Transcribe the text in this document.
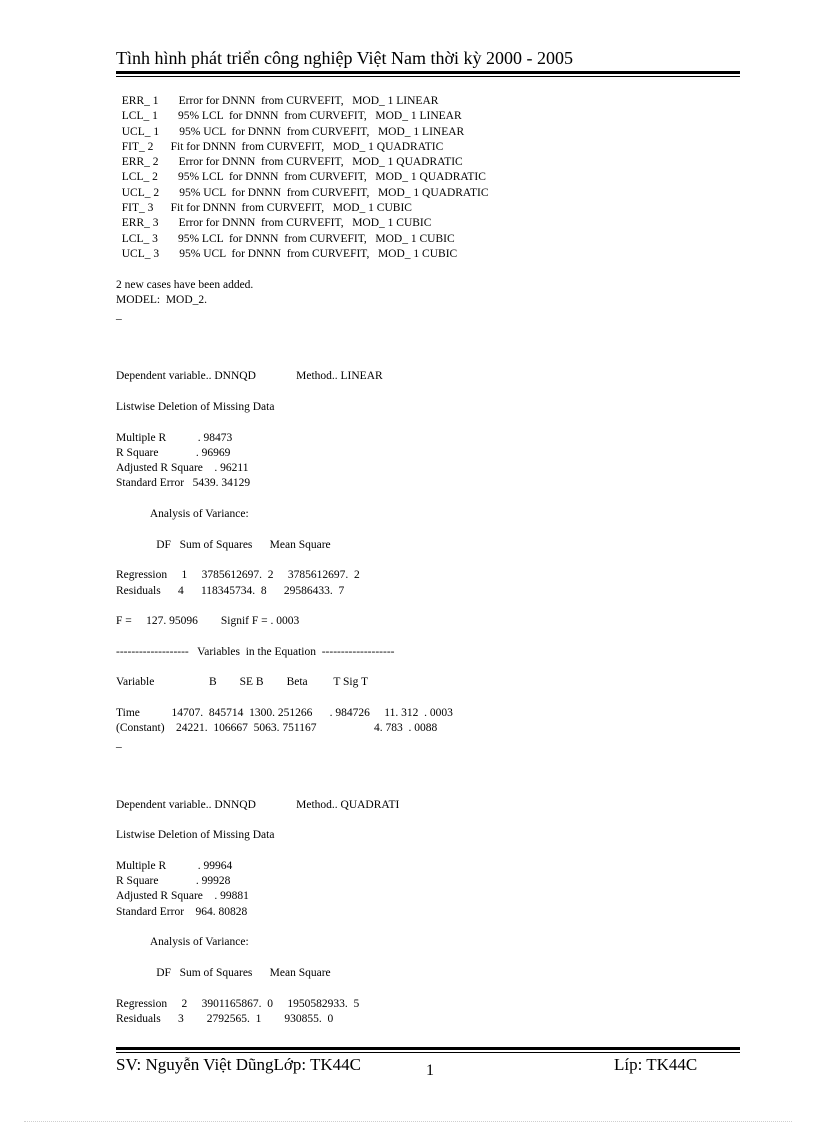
Tình hình phát triển công nghiệp Việt Nam thời kỳ 2000 - 2005
ERR_ 1       Error for DNNN  from CURVEFIT,   MOD_ 1 LINEAR
LCL_ 1       95% LCL  for DNNN  from CURVEFIT,   MOD_ 1 LINEAR
UCL_ 1       95% UCL  for DNNN  from CURVEFIT,   MOD_ 1 LINEAR
FIT_ 2      Fit for DNNN  from CURVEFIT,   MOD_ 1 QUADRATIC
ERR_ 2       Error for DNNN  from CURVEFIT,   MOD_ 1 QUADRATIC
LCL_ 2       95% LCL  for DNNN  from CURVEFIT,   MOD_ 1 QUADRATIC
UCL_ 2       95% UCL  for DNNN  from CURVEFIT,   MOD_ 1 QUADRATIC
FIT_ 3      Fit for DNNN  from CURVEFIT,   MOD_ 1 CUBIC
ERR_ 3       Error for DNNN  from CURVEFIT,   MOD_ 1 CUBIC
LCL_ 3       95% LCL  for DNNN  from CURVEFIT,   MOD_ 1 CUBIC
UCL_ 3       95% UCL  for DNNN  from CURVEFIT,   MOD_ 1 CUBIC
2 new cases have been added.
MODEL:  MOD_2.
_
Dependent variable.. DNNQD              Method.. LINEAR
Listwise Deletion of Missing Data
Multiple R           . 98473
R Square             . 96969
Adjusted R Square    . 96211
Standard Error   5439. 34129
Analysis of Variance:
DF   Sum of Squares      Mean Square
Regression     1     3785612697.  2     3785612697.  2
Residuals      4      118345734.  8      29586433.  7
F =     127. 95096        Signif F = . 0003
-------------------   Variables  in the Equation  -------------------
Variable                   B        SE B        Beta         T Sig T
Time           14707.  845714  1300. 251266      . 984726     11. 312  . 0003
(Constant)    24221.  106667  5063. 751167                    4. 783  . 0088
_
Dependent variable.. DNNQD              Method.. QUADRATI
Listwise Deletion of Missing Data
Multiple R           . 99964
R Square             . 99928
Adjusted R Square    . 99881
Standard Error    964. 80828
Analysis of Variance:
DF   Sum of Squares      Mean Square
Regression     2     3901165867.  0     1950582933.  5
Residuals      3        2792565.  1        930855.  0
SV: Nguyễn Việt DũngLớp: TK44C	1	Líp: TK44C
